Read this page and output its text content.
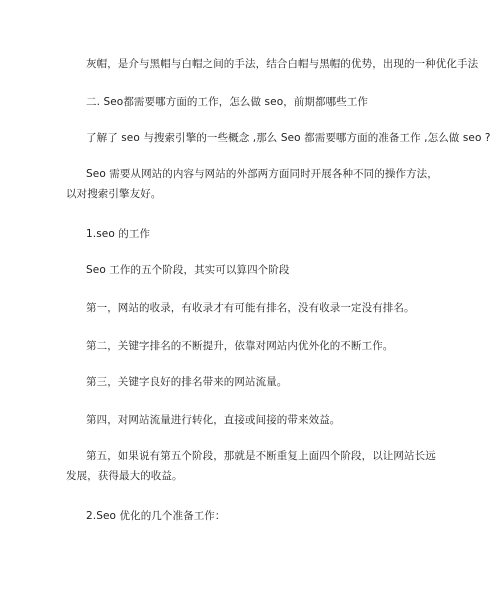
灰帽，是介与黑帽与白帽之间的手法，结合白帽与黑帽的优势，出现的一种优化手法

二. Seo都需要哪方面的工作，怎么做 seo，前期都哪些工作

了解了 seo 与搜索引擎的一些概念 ,那么 Seo 都需要哪方面的准备工作 ,怎么做 seo ?

Seo 需要从网站的内容与网站的外部两方面同时开展各种不同的操作方法，以对搜索引擎友好。

1.seo 的工作

Seo 工作的五个阶段，其实可以算四个阶段

第一，网站的收录，有收录才有可能有排名，没有收录一定没有排名。

第二，关键字排名的不断提升，依靠对网站内优外化的不断工作。

第三，关键字良好的排名带来的网站流量。

第四，对网站流量进行转化，直接或间接的带来效益。

第五，如果说有第五个阶段，那就是不断重复上面四个阶段，以让网站长远发展，获得最大的收益。

2.Seo 优化的几个准备工作：
